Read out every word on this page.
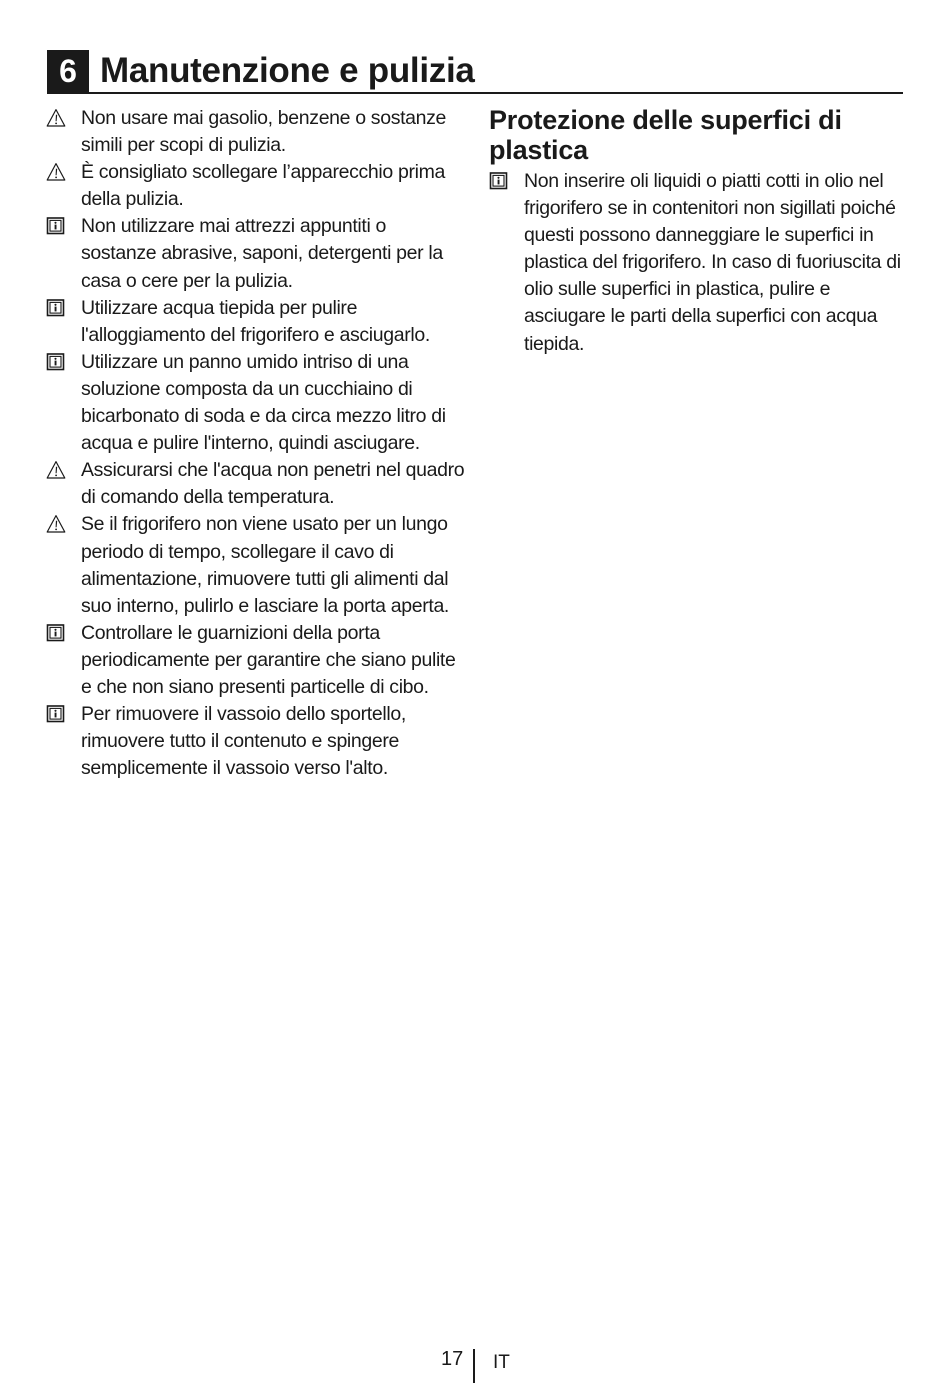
6 Manutenzione e pulizia
Non usare mai gasolio, benzene o sostanze simili per scopi di pulizia.
È consigliato scollegare l’apparecchio prima della pulizia.
Non utilizzare mai attrezzi appuntiti o sostanze abrasive, saponi, detergenti per la casa o cere per la pulizia.
Utilizzare acqua tiepida per pulire l'alloggiamento del frigorifero e asciugarlo.
Utilizzare un panno umido intriso di una soluzione composta da un cucchiaino di bicarbonato di soda e da circa mezzo litro di acqua e pulire l'interno, quindi asciugare.
Assicurarsi che l'acqua non penetri nel quadro di comando della temperatura.
Se il frigorifero non viene usato per un lungo periodo di tempo, scollegare il cavo di alimentazione, rimuovere tutti gli alimenti dal suo interno, pulirlo e lasciare la porta aperta.
Controllare le guarnizioni della porta periodicamente per garantire che siano pulite e che non siano presenti particelle di cibo.
Per rimuovere il vassoio dello sportello, rimuovere tutto il contenuto e spingere semplicemente il vassoio verso l'alto.
Protezione delle superfici di plastica
Non inserire oli liquidi o piatti cotti in olio nel frigorifero se in contenitori non sigillati poiché questi possono danneggiare le superfici in plastica del frigorifero. In caso di fuoriuscita di olio sulle superfici in plastica, pulire e asciugare le parti della superfici con acqua tiepida.
17 IT
